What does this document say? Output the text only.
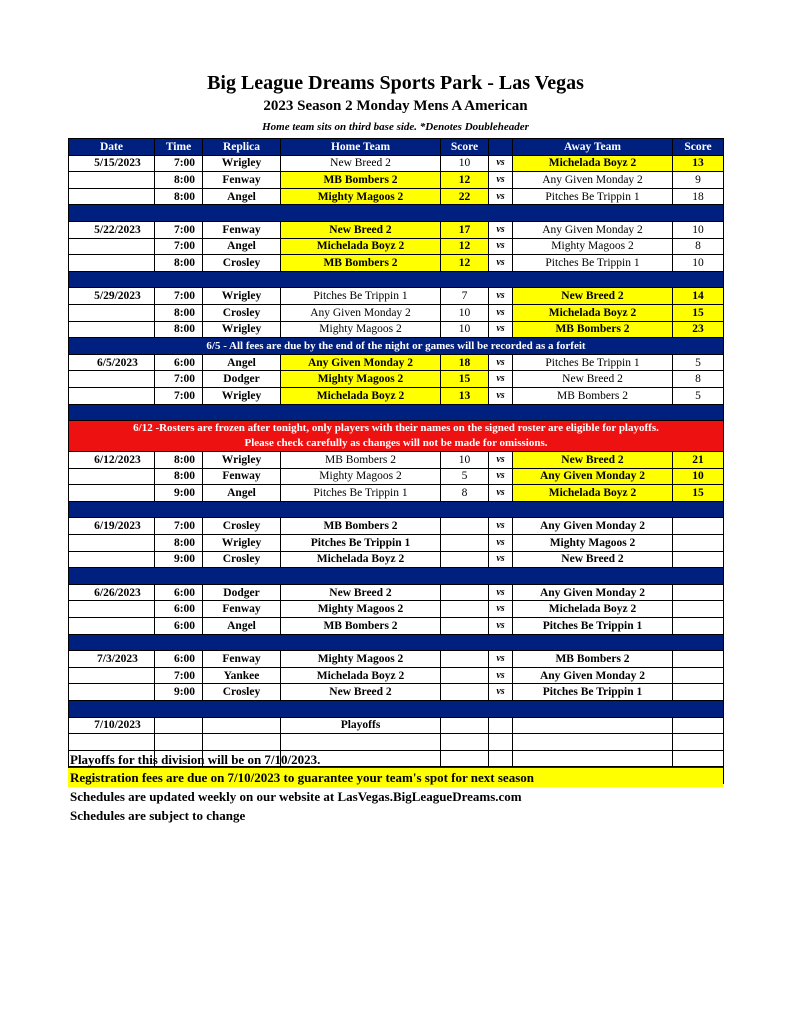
Big League Dreams Sports Park - Las Vegas
2023 Season 2 Monday Mens A American
Home team sits on third base side. *Denotes Doubleheader
Date	Time	Replica	Home Team	Score		Away Team	Score
5/15/2023	7:00	Wrigley	New Breed 2	10	vs	Michelada Boyz 2	13
	8:00	Fenway	MB Bombers 2	12	vs	Any Given Monday 2	9
	8:00	Angel	Mighty Magoos 2	22	vs	Pitches Be Trippin 1	18

5/22/2023	7:00	Fenway	New Breed 2	17	vs	Any Given Monday 2	10
	7:00	Angel	Michelada Boyz 2	12	vs	Mighty Magoos 2	8
	8:00	Crosley	MB Bombers 2	12	vs	Pitches Be Trippin 1	10

5/29/2023	7:00	Wrigley	Pitches Be Trippin 1	7	vs	New Breed 2	14
	8:00	Crosley	Any Given Monday 2	10	vs	Michelada Boyz 2	15
	8:00	Wrigley	Mighty Magoos 2	10	vs	MB Bombers 2	23
6/5 - All fees are due by the end of the night or games will be recorded as a forfeit							
6/5/2023	6:00	Angel	Any Given Monday 2	18	vs	Pitches Be Trippin 1	5
	7:00	Dodger	Mighty Magoos 2	15	vs	New Breed 2	8
	7:00	Wrigley	Michelada Boyz 2	13	vs	MB Bombers 2	5

6/12 -Rosters are frozen after tonight, only players with their names on the signed roster are eligible for playoffs.
Please check carefully as changes will not be made for omissions.							

6/12/2023	8:00	Wrigley	MB Bombers 2	10	vs	New Breed 2	21
	8:00	Fenway	Mighty Magoos 2	5	vs	Any Given Monday 2	10
	9:00	Angel	Pitches Be Trippin 1	8	vs	Michelada Boyz 2	15

6/19/2023	7:00	Crosley	MB Bombers 2		vs	Any Given Monday 2	
	8:00	Wrigley	Pitches Be Trippin 1		vs	Mighty Magoos 2	
	9:00	Crosley	Michelada Boyz 2		vs	New Breed 2	

6/26/2023	6:00	Dodger	New Breed 2		vs	Any Given Monday 2	
	6:00	Fenway	Mighty Magoos 2		vs	Michelada Boyz 2	
	6:00	Angel	MB Bombers 2		vs	Pitches Be Trippin 1	

7/3/2023	6:00	Fenway	Mighty Magoos 2		vs	MB Bombers 2	
	7:00	Yankee	Michelada Boyz 2		vs	Any Given Monday 2	
	9:00	Crosley	New Breed 2		vs	Pitches Be Trippin 1	

7/10/2023			Playoffs				

Playoffs for this division will be on 7/10/2023.
Registration fees are due on 7/10/2023 to guarantee your team's spot for next season
Schedules are updated weekly on our website at LasVegas.BigLeagueDreams.com
Schedules are subject to change
